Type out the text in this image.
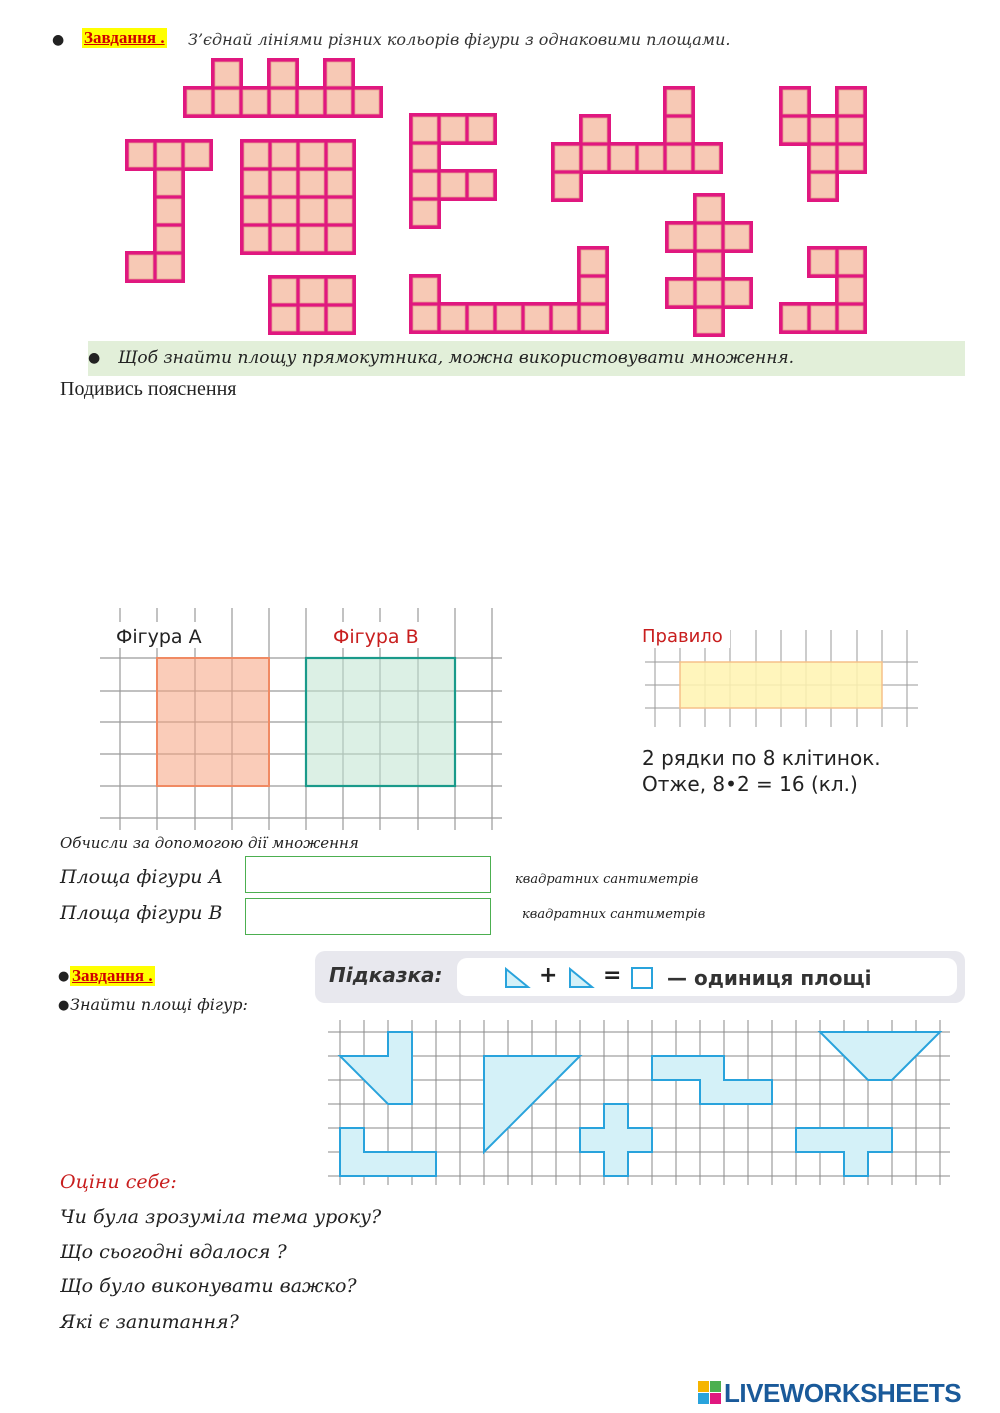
● Завдання . З’єднай лініями різних кольорів фігури з однаковими площами.
● Щоб знайти площу прямокутника, можна використовувати множення.
Подивись пояснення
Фігура А	Фігура В	Правило
2 рядки по 8 клітинок.
Отже, 8•2 = 16 (кл.)
Обчисли за допомогою дії множення
Площа фігури А	квадратних сантиметрів
Площа фігури В	квадратних сантиметрів
● Завдання .
● Знайти площі фігур:
Підказка:	+ = — одиниця площі
Оціни себе:
Чи була зрозуміла тема уроку?
Що сьогодні вдалося ?
Що було виконувати важко?
Які є запитання?
LIVEWORKSHEETS
